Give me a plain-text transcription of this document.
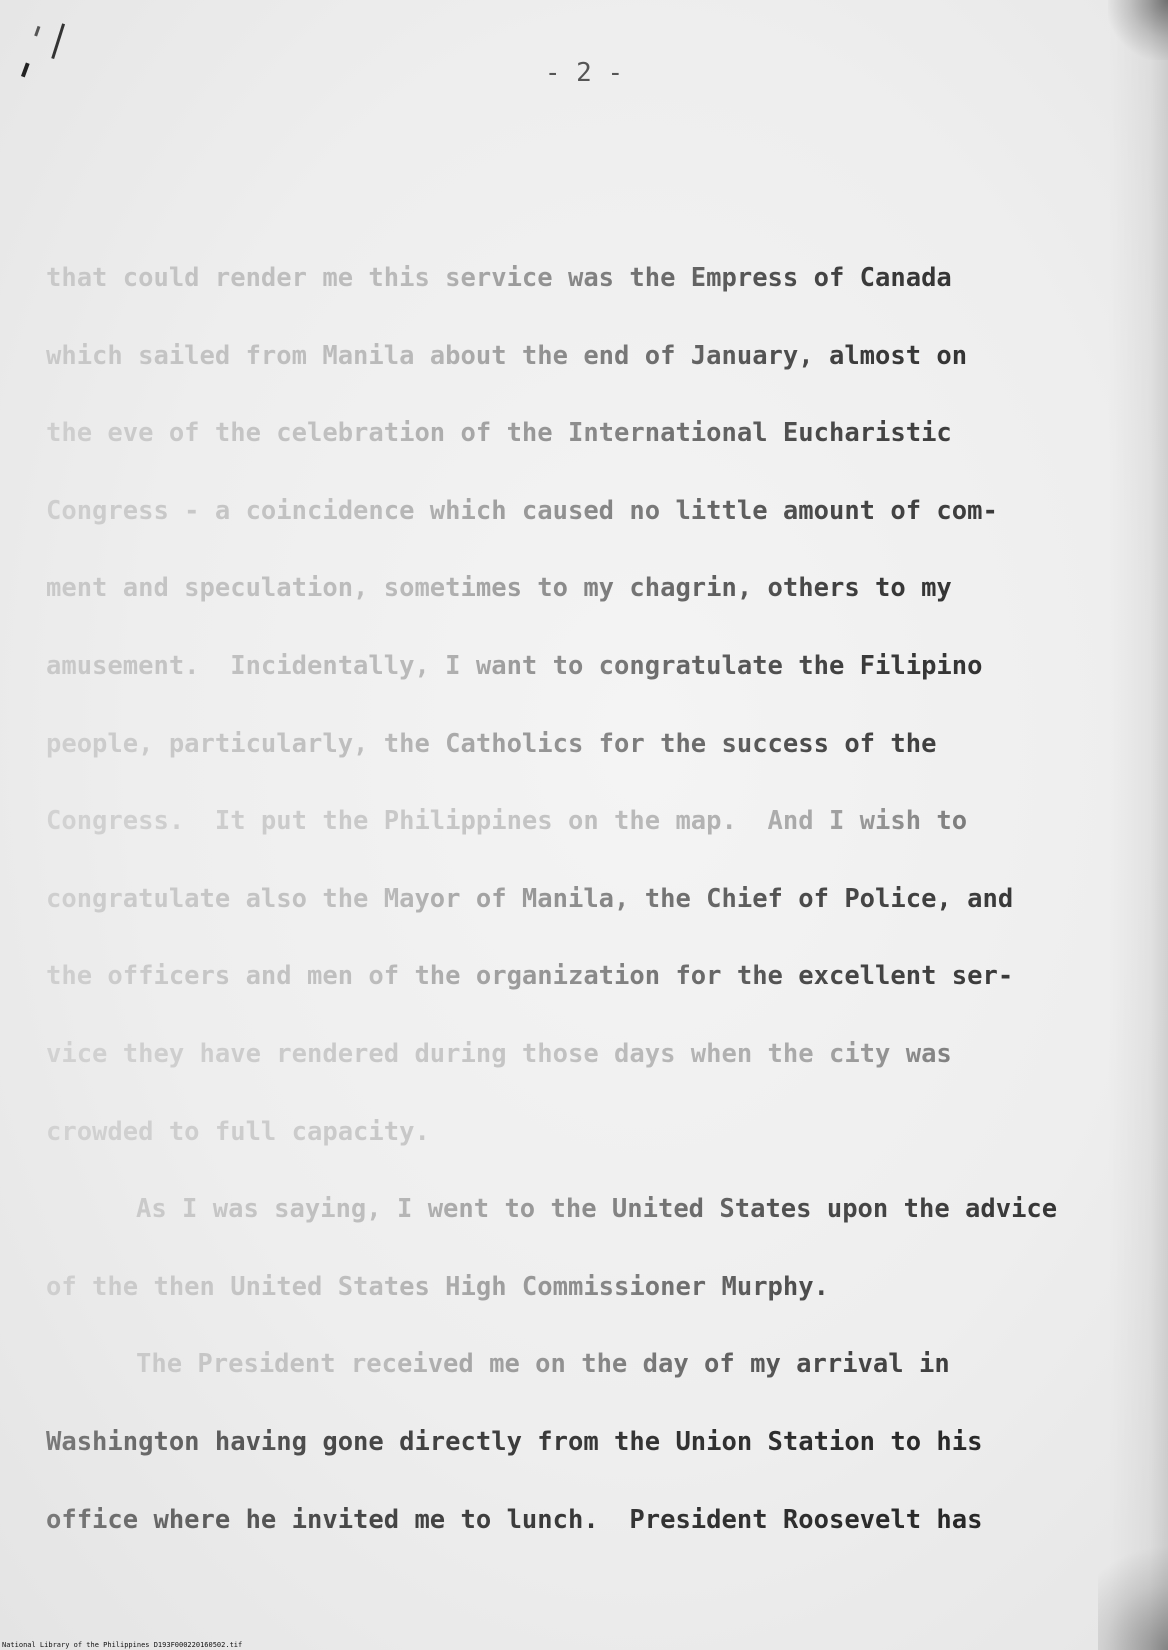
- 2 -
that could render me this service was the Empress of Canada
which sailed from Manila about the end of January, almost on
the eve of the celebration of the International Eucharistic
Congress - a coincidence which caused no little amount of com-
ment and speculation, sometimes to my chagrin, others to my
amusement.  Incidentally, I want to congratulate the Filipino
people, particularly, the Catholics for the success of the
Congress.  It put the Philippines on the map.  And I wish to
congratulate also the Mayor of Manila, the Chief of Police, and
the officers and men of the organization for the excellent ser-
vice they have rendered during those days when the city was
crowded to full capacity.
As I was saying, I went to the United States upon the advice
of the then United States High Commissioner Murphy.
The President received me on the day of my arrival in
Washington having gone directly from the Union Station to his
office where he invited me to lunch.  President Roosevelt has
National Library of the Philippines D193F000220160502.tif
